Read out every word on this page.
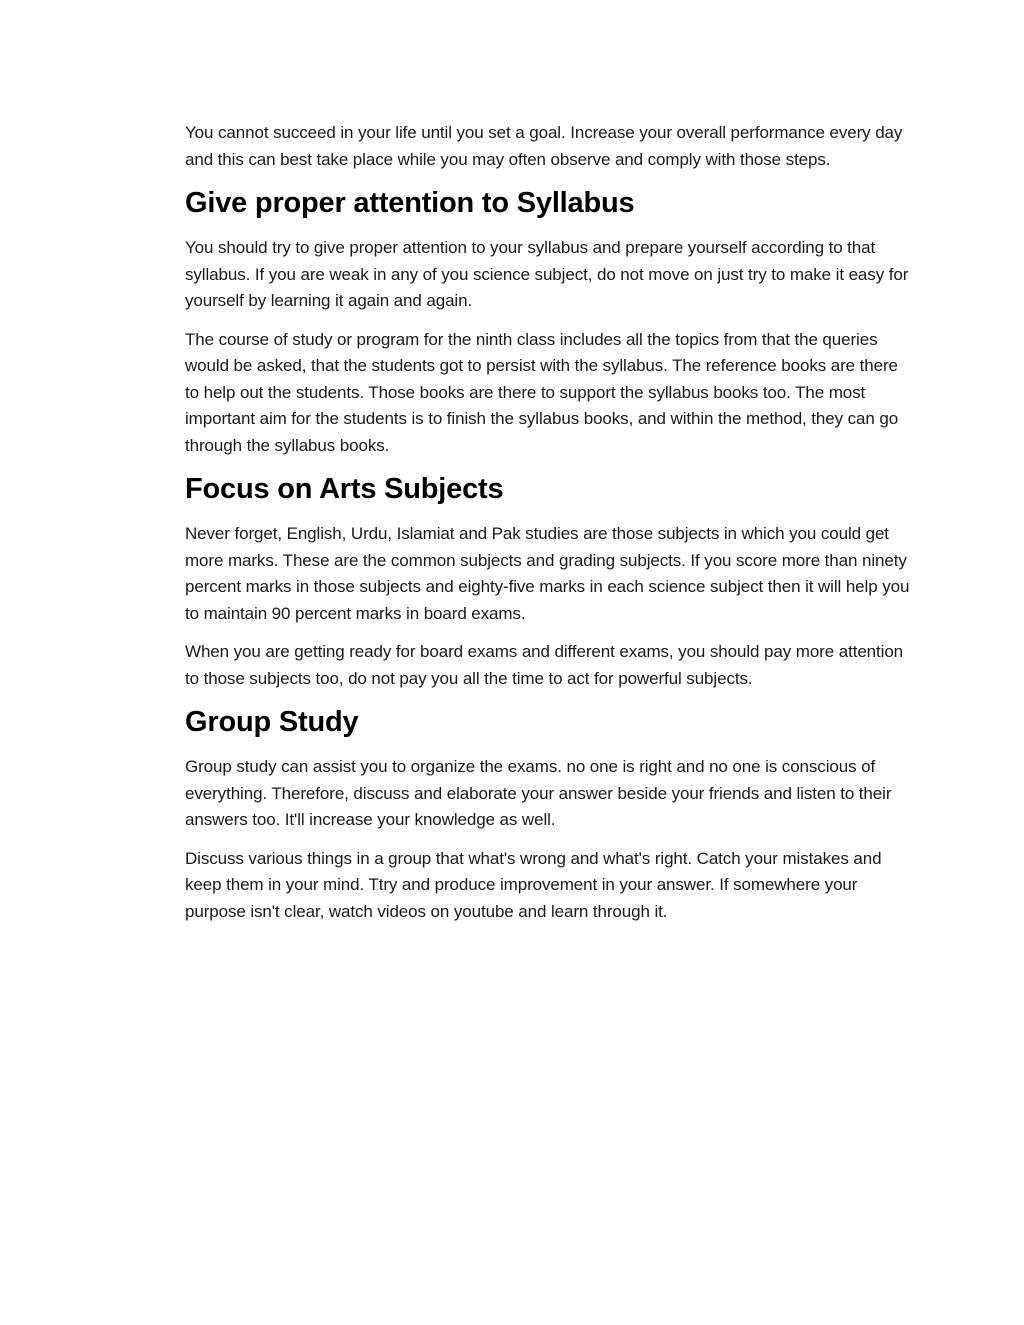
You cannot succeed in your life until you set a goal. Increase your overall performance every day and this can best take place while you may often observe and comply with those steps.

Give proper attention to Syllabus

You should try to give proper attention to your syllabus and prepare yourself according to that syllabus. If you are weak in any of you science subject, do not move on just try to make it easy for yourself by learning it again and again.

The course of study or program for the ninth class includes all the topics from that the queries would be asked, that the students got to persist with the syllabus. The reference books are there to help out the students. Those books are there to support the syllabus books too. The most important aim for the students is to finish the syllabus books, and within the method, they can go through the syllabus books.

Focus on Arts Subjects

Never forget, English, Urdu, Islamiat and Pak studies are those subjects in which you could get more marks. These are the common subjects and grading subjects. If you score more than ninety percent marks in those subjects and eighty-five marks in each science subject then it will help you to maintain 90 percent marks in board exams.

When you are getting ready for board exams and different exams, you should pay more attention to those subjects too, do not pay you all the time to act for powerful subjects.

Group Study

Group study can assist you to organize the exams. no one is right and no one is conscious of everything. Therefore, discuss and elaborate your answer beside your friends and listen to their answers too. It'll increase your knowledge as well.

Discuss various things in a group that what's wrong and what's right. Catch your mistakes and keep them in your mind. Ttry and produce improvement in your answer. If somewhere your purpose isn't clear, watch videos on youtube and learn through it.
